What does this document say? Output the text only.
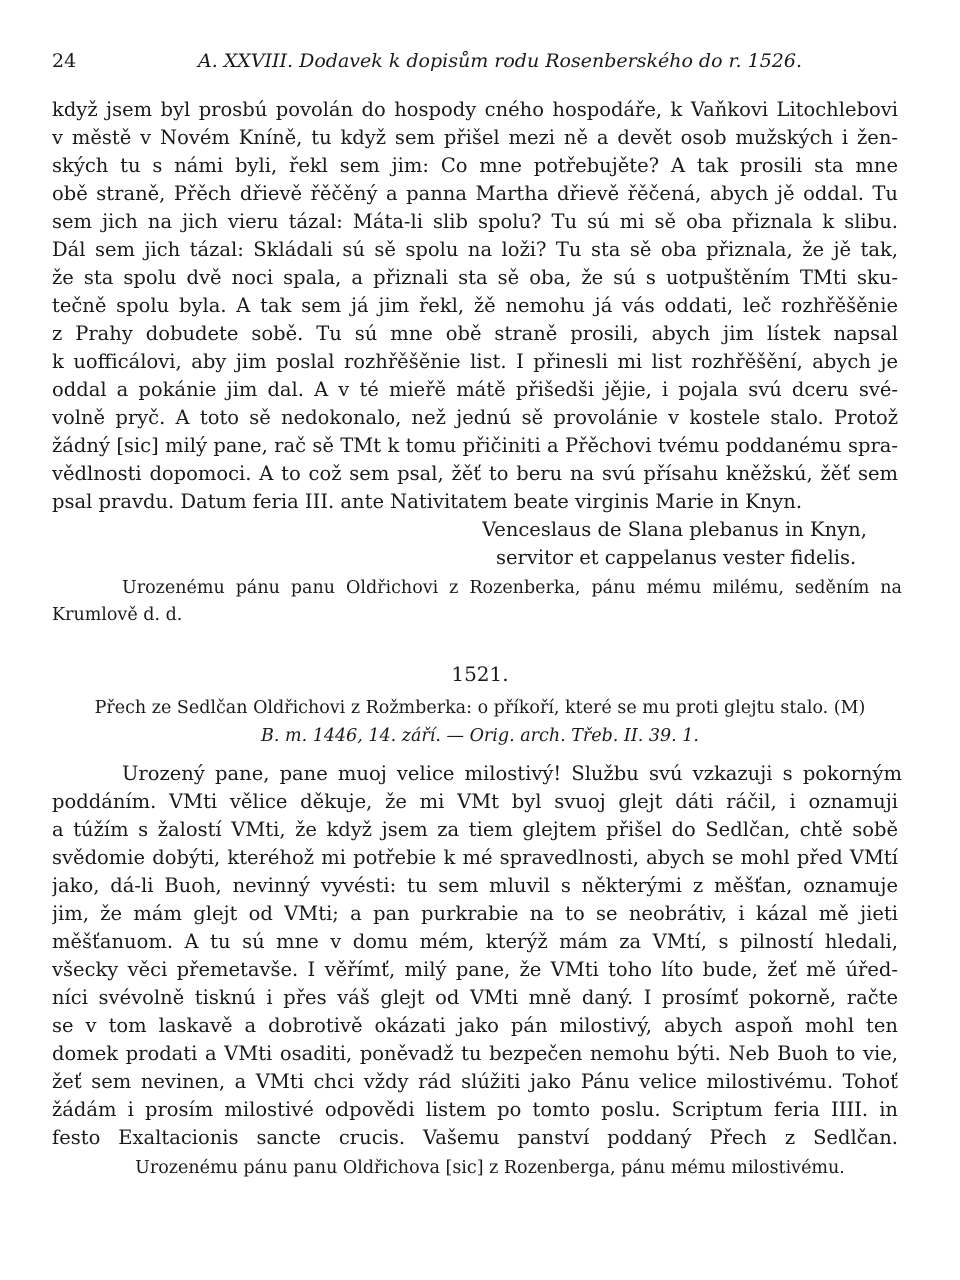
24	A. XXVIII. Dodavek k dopisům rodu Rosenberského do r. 1526.
když jsem byl prosbú povolán do hospody cného hospodáře, k Vaňkovi Litochlebovi
v městě v Novém Kníně, tu když sem přišel mezi ně a devět osob mužských i žen-
ských tu s námi byli, řekl sem jim: Co mne potřebujěte? A tak prosili sta mne
obě straně, Přěch dřievě řěčěný a panna Martha dřievě řěčená, abych jě oddal. Tu
sem jich na jich vieru tázal: Máta-li slib spolu? Tu sú mi sě oba přiznala k slibu.
Dál sem jich tázal: Skládali sú sě spolu na loži? Tu sta sě oba přiznala, že jě tak,
že sta spolu dvě noci spala, a přiznali sta sě oba, že sú s uotpuštěním TMti sku-
tečně spolu byla. A tak sem já jim řekl, žě nemohu já vás oddati, leč rozhřěšěnie
z Prahy dobudete sobě. Tu sú mne obě straně prosili, abych jim lístek napsal
k uofficálovi, aby jim poslal rozhřěšěnie list. I přinesli mi list rozhřěšění, abych je
oddal a pokánie jim dal. A v té mieřě mátě přišedši jějie, i pojala svú dceru své-
volně pryč. A toto sě nedokonalo, než jednú sě provolánie v kostele stalo. Protož
žádný [sic] milý pane, rač sě TMt k tomu přičiniti a Přěchovi tvému poddanému spra-
vědlnosti dopomoci. A to což sem psal, žěť to beru na svú přísahu kněžskú, žěť sem
psal pravdu. Datum feria III. ante Nativitatem beate virginis Marie in Knyn.
Venceslaus de Slana plebanus in Knyn,
servitor et cappelanus vester fidelis.
Urozenému pánu panu Oldřichovi z Rozenberka, pánu mému milému, seděním na
Krumlově d. d.
1521.
Přech ze Sedlčan Oldřichovi z Rožmberka: o příkoří, které se mu proti glejtu stalo. (M)
B. m. 1446, 14. září. — Orig. arch. Třeb. II. 39. 1.
Urozený pane, pane muoj velice milostivý! Službu svú vzkazuji s pokorným
poddáním. VMti vělice děkuje, že mi VMt byl svuoj glejt dáti ráčil, i oznamuji
a túžím s žalostí VMti, že když jsem za tiem glejtem přišel do Sedlčan, chtě sobě
svědomie dobýti, kteréhož mi potřebie k mé spravedlnosti, abych se mohl před VMtí
jako, dá-li Buoh, nevinný vyvésti: tu sem mluvil s některými z měšťan, oznamuje
jim, že mám glejt od VMti; a pan purkrabie na to se neobrátiv, i kázal mě jieti
měšťanuom. A tu sú mne v domu mém, kterýž mám za VMtí, s pilností hledali,
všecky věci přemetavše. I věřímť, milý pane, že VMti toho líto bude, žeť mě úřed-
níci svévolně tisknú i přes váš glejt od VMti mně daný. I prosímť pokorně, račte
se v tom laskavě a dobrotivě okázati jako pán milostivý, abych aspoň mohl ten
domek prodati a VMti osaditi, poněvadž tu bezpečen nemohu býti. Neb Buoh to vie,
žeť sem nevinen, a VMti chci vždy rád slúžiti jako Pánu velice milostivému. Tohoť
žádám i prosím milostivé odpovědi listem po tomto poslu. Scriptum feria IIII. in
festo Exaltacionis sancte crucis. Vašemu panství poddaný Přech z Sedlčan.
Urozenému pánu panu Oldřichova [sic] z Rozenberga, pánu mému milostivému.
